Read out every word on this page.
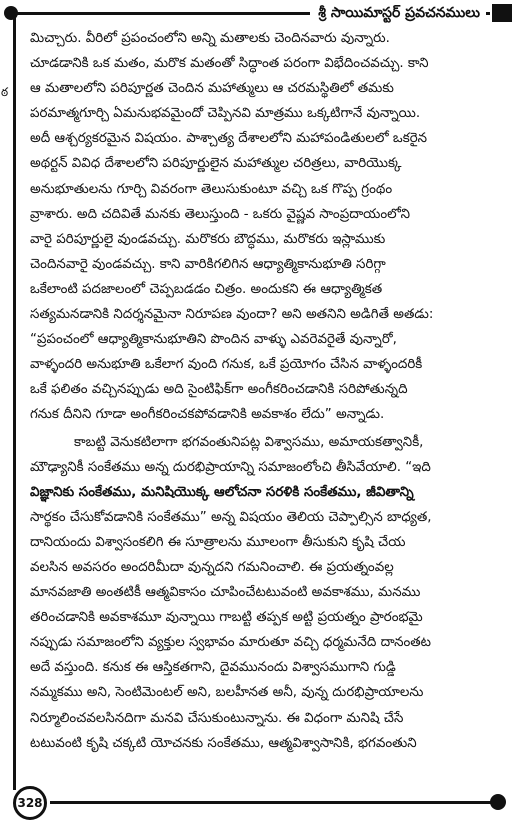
శ్రీ సాయిమాస్టర్ ప్రవచనములు
ఠ
మిచ్చారు. వీరిలో ప్రపంచంలోని అన్ని మతాలకు చెందినవారు వున్నారు.
చూడడానికి ఒక మతం, మరొక మతంతో సిద్ధాంత పరంగా విభేదించవచ్చు. కాని
ఆ మతాలలోని పరిపూర్ణత చెందిన మహాత్ములు ఆ చరమస్థితిలో తమకు
పరమాత్మగూర్చి ఏమనుభవమైందో చెప్పినవి మాత్రము ఒక్కటిగానే వున్నాయి.
అదీ ఆశ్చర్యకరమైన విషయం. పాశ్చాత్య దేశాలలోని మహాపండితులలో ఒకరైన
అథర్టన్ వివిధ దేశాలలోని పరిపూర్ణులైన మహాత్ముల చరిత్రలు, వారియొక్క
అనుభూతులను గూర్చి వివరంగా తెలుసుకుంటూ వచ్చి ఒక గొప్ప గ్రంథం
వ్రాశారు. అది చదివితే మనకు తెలుస్తుంది - ఒకరు వైష్ణవ సాంప్రదాయంలోని
వారై పరిపూర్ణులై వుండవచ్చు. మరొకరు బౌద్ధము, మరొకరు ఇస్లాముకు
చెందినవారై వుండవచ్చు. కాని వారికిగలిగిన ఆధ్యాత్మికానుభూతి సరిగ్గా
ఒకేలాంటి పదజాలంలో చెప్పబడడం చిత్రం. అందుకని ఈ ఆధ్యాత్మికత
సత్యమనడానికి నిదర్శనమైనా నిరూపణ వుందా? అని అతనిని అడిగితే అతడు:
“ప్రపంచంలో ఆధ్యాత్మికానుభూతిని పొందిన వాళ్ళు ఎవరెవరైతే వున్నారో,
వాళ్ళందరి అనుభూతి ఒకేలాగ వుంది గనుక, ఒకే ప్రయోగం చేసిన వాళ్ళందరికీ
ఒకే ఫలితం వచ్చినప్పుడు అది సైంటిఫిక్‌గా అంగీకరించడానికి సరిపోతున్నది
గనుక దీనిని గూడా అంగీకరించకపోవడానికి అవకాశం లేదు” అన్నాడు.
కాబట్టి వెనుకటిలాగా భగవంతునిపట్ల విశ్వాసము, అమాయకత్వానికీ,
మౌఢ్యానికీ సంకేతము అన్న దురభిప్రాయాన్ని సమాజంలోంచి తీసివేయాలి. “ఇది
విజ్ఞానికు సంకేతము, మనిషియొక్క ఆలోచనా సరళికి సంకేతము, జీవితాన్ని
సార్థకం చేసుకోవడానికి సంకేతము” అన్న విషయం తెలియ చెప్పాల్సిన బాధ్యత,
దానియందు విశ్వాసంకలిగి ఈ సూత్రాలను మూలంగా తీసుకుని కృషి చేయ
వలసిన అవసరం అందరిమీదా వున్నదని గమనించాలి. ఈ ప్రయత్నంవల్ల
మానవజాతి అంతటికీ ఆత్మవికాసం చూపించేటటువంటి అవకాశము, మనము
తరించడానికి అవకాశమూ వున్నాయి గాబట్టి తప్పక అట్టి ప్రయత్నం ప్రారంభమై
నప్పుడు సమాజంలోని వ్యక్తుల స్వభావం మారుతూ వచ్చి ధర్మమనేది దానంతట
అదే వస్తుంది. కనుక ఈ ఆస్తికతగాని, దైవమునందు విశ్వాసముగాని గుడ్డి
నమ్మకము అని, సెంటిమెంటల్ అని, బలహీనత అనీ, వున్న దురభిప్రాయాలను
నిర్మూలించవలసినదిగా మనవి చేసుకుంటున్నాను. ఈ విధంగా మనిషి చేసే
టటువంటి కృషి చక్కటి యోచనకు సంకేతము, ఆత్మవిశ్వాసానికి, భగవంతుని
328
